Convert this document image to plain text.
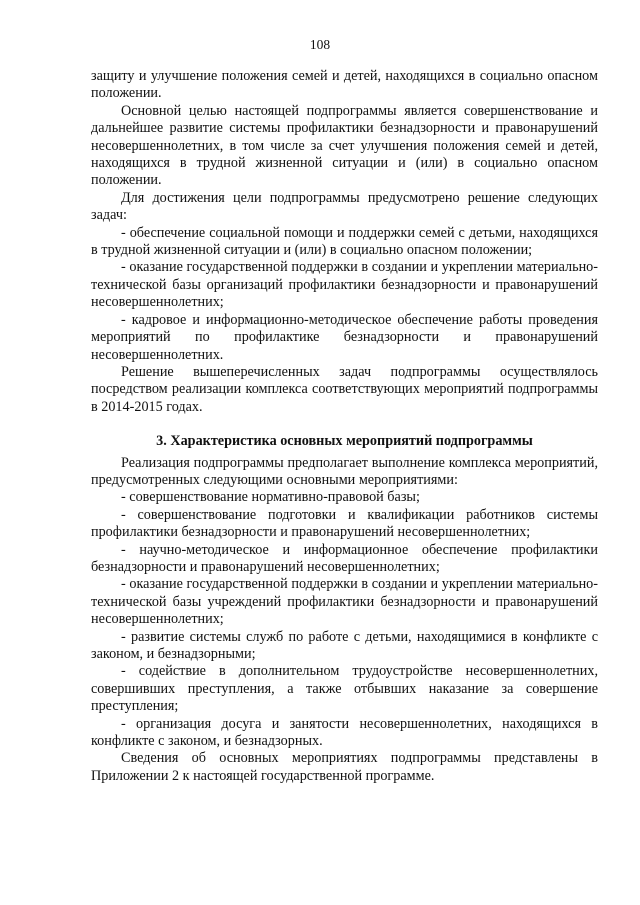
108

защиту и улучшение положения семей и детей, находящихся в социально опасном положении.

Основной целью настоящей подпрограммы является совершенствование и дальнейшее развитие системы профилактики безнадзорности и правонарушений несовершеннолетних, в том числе за счет улучшения положения семей и детей, находящихся в трудной жизненной ситуации и (или) в социально опасном положении.

Для достижения цели подпрограммы предусмотрено решение следующих задач:

- обеспечение социальной помощи и поддержки семей с детьми, находящихся в трудной жизненной ситуации и (или) в социально опасном положении;

- оказание государственной поддержки в создании и укреплении материально-технической базы организаций профилактики безнадзорности и правонарушений несовершеннолетних;

- кадровое и информационно-методическое обеспечение работы проведения мероприятий по профилактике безнадзорности и правонарушений несовершеннолетних.

Решение вышеперечисленных задач подпрограммы осуществлялось посредством реализации комплекса соответствующих мероприятий подпрограммы в 2014-2015 годах.

3. Характеристика основных мероприятий подпрограммы

Реализация подпрограммы предполагает выполнение комплекса мероприятий, предусмотренных следующими основными мероприятиями:

- совершенствование нормативно-правовой базы;

- совершенствование подготовки и квалификации работников системы профилактики безнадзорности и правонарушений несовершеннолетних;

- научно-методическое и информационное обеспечение профилактики безнадзорности и правонарушений несовершеннолетних;

- оказание государственной поддержки в создании и укреплении материально-технической базы учреждений профилактики безнадзорности и правонарушений несовершеннолетних;

- развитие системы служб по работе с детьми, находящимися в конфликте с законом, и безнадзорными;

- содействие в дополнительном трудоустройстве несовершеннолетних, совершивших преступления, а также отбывших наказание за совершение преступления;

- организация досуга и занятости несовершеннолетних, находящихся в конфликте с законом, и безнадзорных.

Сведения об основных мероприятиях подпрограммы представлены в Приложении 2 к настоящей государственной программе.
